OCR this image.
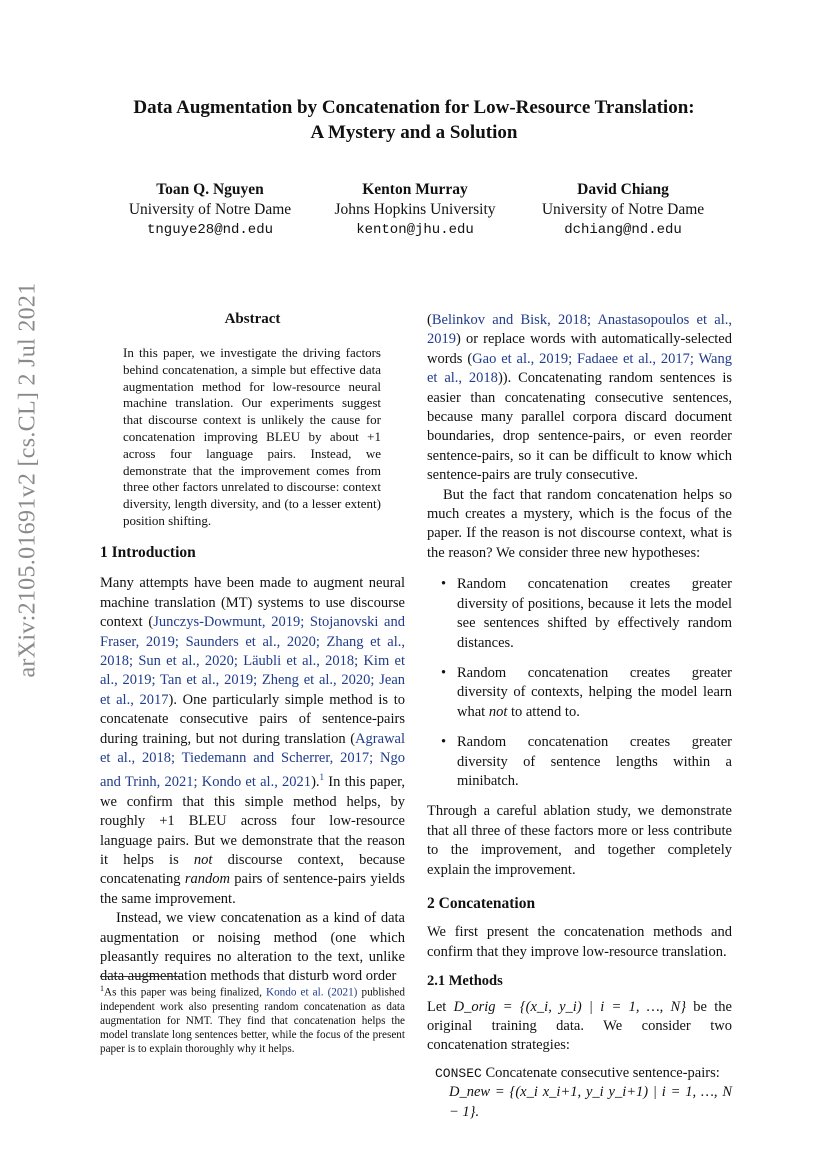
Data Augmentation by Concatenation for Low-Resource Translation:
A Mystery and a Solution
Toan Q. Nguyen
University of Notre Dame
tnguye28@nd.edu
Kenton Murray
Johns Hopkins University
kenton@jhu.edu
David Chiang
University of Notre Dame
dchiang@nd.edu
arXiv:2105.01691v2 [cs.CL] 2 Jul 2021	Abstract
In this paper, we investigate the driving factors behind concatenation, a simple but effective data augmentation method for low-resource neural machine translation. Our experiments suggest that discourse context is unlikely the cause for concatenation improving BLEU by about +1 across four language pairs. Instead, we demonstrate that the improvement comes from three other factors unrelated to discourse: context diversity, length diversity, and (to a lesser extent) position shifting.
1 Introduction

Many attempts have been made to augment neural machine translation (MT) systems to use discourse context (Junczys-Dowmunt, 2019; Stojanovski and Fraser, 2019; Saunders et al., 2020; Zhang et al., 2018; Sun et al., 2020; Läubli et al., 2018; Kim et al., 2019; Tan et al., 2019; Zheng et al., 2020; Jean et al., 2017). One particularly simple method is to concatenate consecutive pairs of sentence-pairs during training, but not during translation (Agrawal et al., 2018; Tiedemann and Scherrer, 2017; Ngo and Trinh, 2021; Kondo et al., 2021).$^1$ In this paper, we confirm that this simple method helps, by roughly +1 BLEU across four low-resource language pairs. But we demonstrate that the reason it helps is not discourse context, because concatenating random pairs of sentence-pairs yields the same improvement.

Instead, we view concatenation as a kind of data augmentation or noising method (one which pleasantly requires no alteration to the text, unlike data augmentation methods that disturb word order

$^1$As this paper was being finalized, Kondo et al. (2021) published independent work also presenting random concatenation as data augmentation for NMT. They find that concatenation helps the model translate long sentences better, while the focus of the present paper is to explain thoroughly why it helps.

(Belinkov and Bisk, 2018; Anastasopoulos et al., 2019) or replace words with automatically-selected words (Gao et al., 2019; Fadaee et al., 2017; Wang et al., 2018)). Concatenating random sentences is easier than concatenating consecutive sentences, because many parallel corpora discard document boundaries, drop sentence-pairs, or even reorder sentence-pairs, so it can be difficult to know which sentence-pairs are truly consecutive.

But the fact that random concatenation helps so much creates a mystery, which is the focus of the paper. If the reason is not discourse context, what is the reason? We consider three new hypotheses:

• Random concatenation creates greater diversity of positions, because it lets the model see sentences shifted by effectively random distances.
• Random concatenation creates greater diversity of contexts, helping the model learn what not to attend to.
• Random concatenation creates greater diversity of sentence lengths within a minibatch.

Through a careful ablation study, we demonstrate that all three of these factors more or less contribute to the improvement, and together completely explain the improvement.

2 Concatenation

We first present the concatenation methods and confirm that they improve low-resource translation.

2.1 Methods

Let D_orig = {(x_i, y_i) | i = 1, …, N} be the original training data. We consider two concatenation strategies:

CONSEC Concatenate consecutive sentence-pairs:
D_new = {(x_i x_i+1, y_i y_i+1) | i = 1, …, N − 1}.
